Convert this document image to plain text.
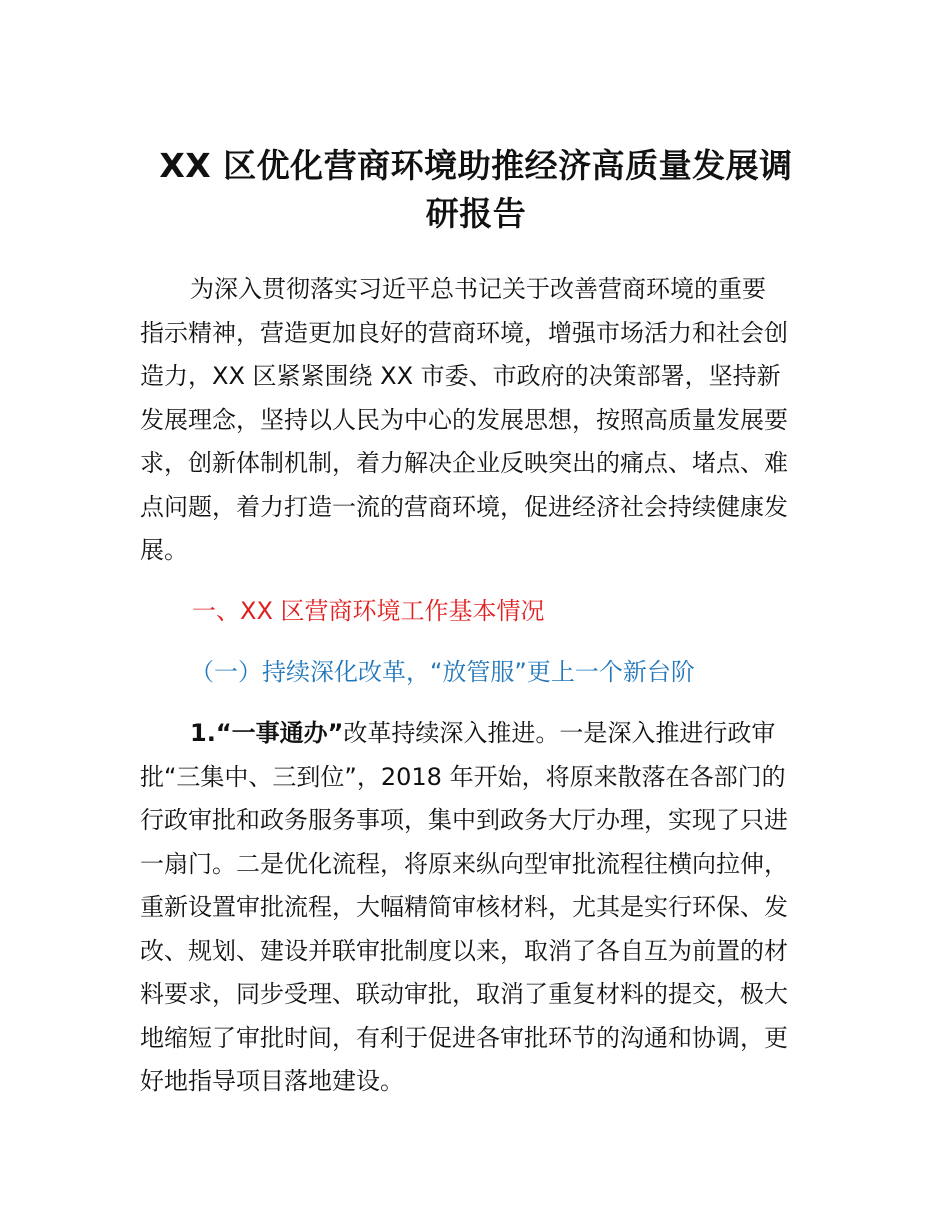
XX 区优化营商环境助推经济高质量发展调
研报告
为深入贯彻落实习近平总书记关于改善营商环境的重要
指示精神，营造更加良好的营商环境，增强市场活力和社会创
造力，XX 区紧紧围绕 XX 市委、市政府的决策部署，坚持新
发展理念，坚持以人民为中心的发展思想，按照高质量发展要
求，创新体制机制，着力解决企业反映突出的痛点、堵点、难
点问题，着力打造一流的营商环境，促进经济社会持续健康发
展。

一、XX 区营商环境工作基本情况

（一）持续深化改革，“放管服”更上一个新台阶

1.“一事通办”改革持续深入推进。一是深入推进行政审
批“三集中、三到位”，2018 年开始，将原来散落在各部门的
行政审批和政务服务事项，集中到政务大厅办理，实现了只进
一扇门。二是优化流程，将原来纵向型审批流程往横向拉伸，
重新设置审批流程，大幅精简审核材料，尤其是实行环保、发
改、规划、建设并联审批制度以来，取消了各自互为前置的材
料要求，同步受理、联动审批，取消了重复材料的提交，极大
地缩短了审批时间，有利于促进各审批环节的沟通和协调，更
好地指导项目落地建设。
